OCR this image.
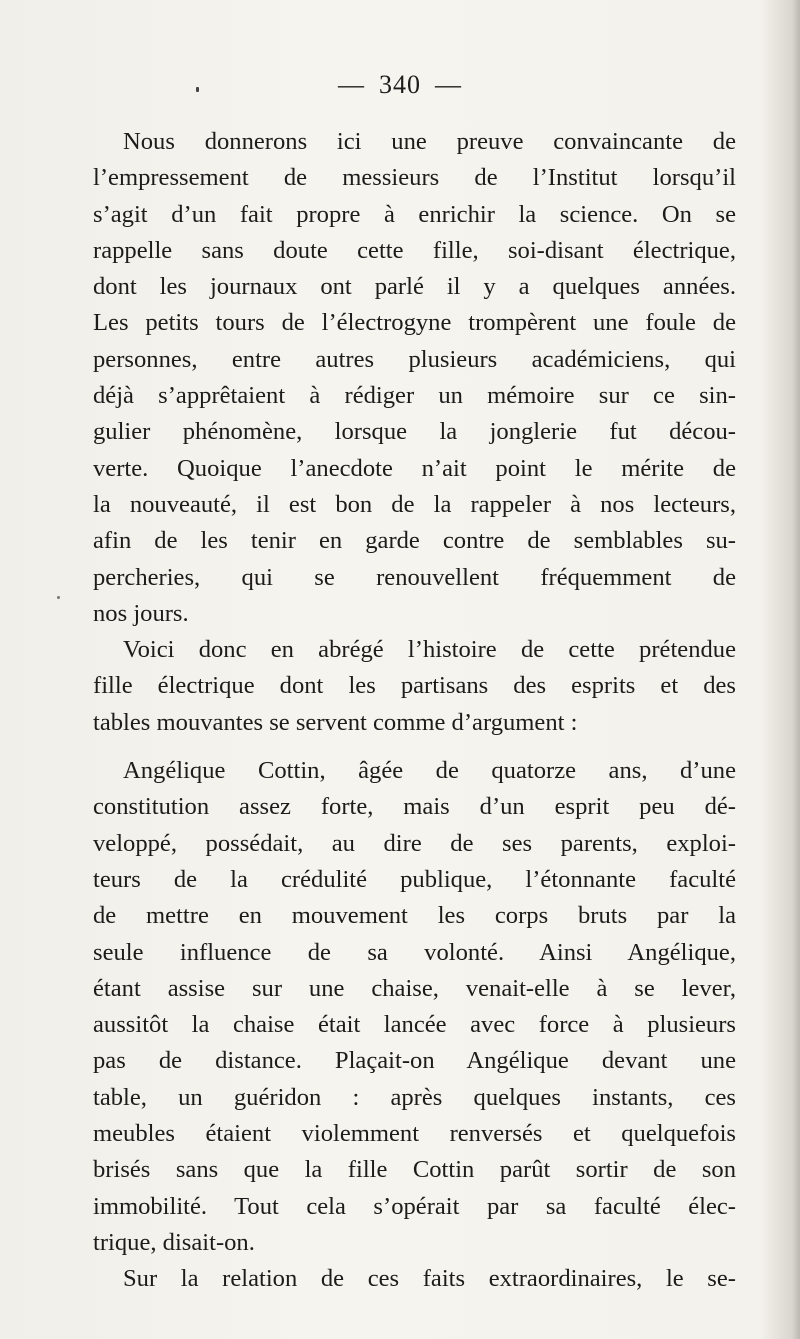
— 340 —
Nous donnerons ici une preuve convaincante de
l’empressement de messieurs de l’Institut lorsqu’il
s’agit d’un fait propre à enrichir la science. On se
rappelle sans doute cette fille, soi-disant électrique,
dont les journaux ont parlé il y a quelques années.
Les petits tours de l’électrogyne trompèrent une foule de
personnes, entre autres plusieurs académiciens, qui
déjà s’apprêtaient à rédiger un mémoire sur ce sin-
gulier phénomène, lorsque la jonglerie fut décou-
verte. Quoique l’anecdote n’ait point le mérite de
la nouveauté, il est bon de la rappeler à nos lecteurs,
afin de les tenir en garde contre de semblables su-
percheries, qui se renouvellent fréquemment de
nos jours.
Voici donc en abrégé l’histoire de cette prétendue
fille électrique dont les partisans des esprits et des
tables mouvantes se servent comme d’argument :
Angélique Cottin, âgée de quatorze ans, d’une
constitution assez forte, mais d’un esprit peu dé-
veloppé, possédait, au dire de ses parents, exploi-
teurs de la crédulité publique, l’étonnante faculté
de mettre en mouvement les corps bruts par la
seule influence de sa volonté. Ainsi Angélique,
étant assise sur une chaise, venait-elle à se lever,
aussitôt la chaise était lancée avec force à plusieurs
pas de distance. Plaçait-on Angélique devant une
table, un guéridon : après quelques instants, ces
meubles étaient violemment renversés et quelquefois
brisés sans que la fille Cottin parût sortir de son
immobilité. Tout cela s’opérait par sa faculté élec-
trique, disait-on.
Sur la relation de ces faits extraordinaires, le se-
